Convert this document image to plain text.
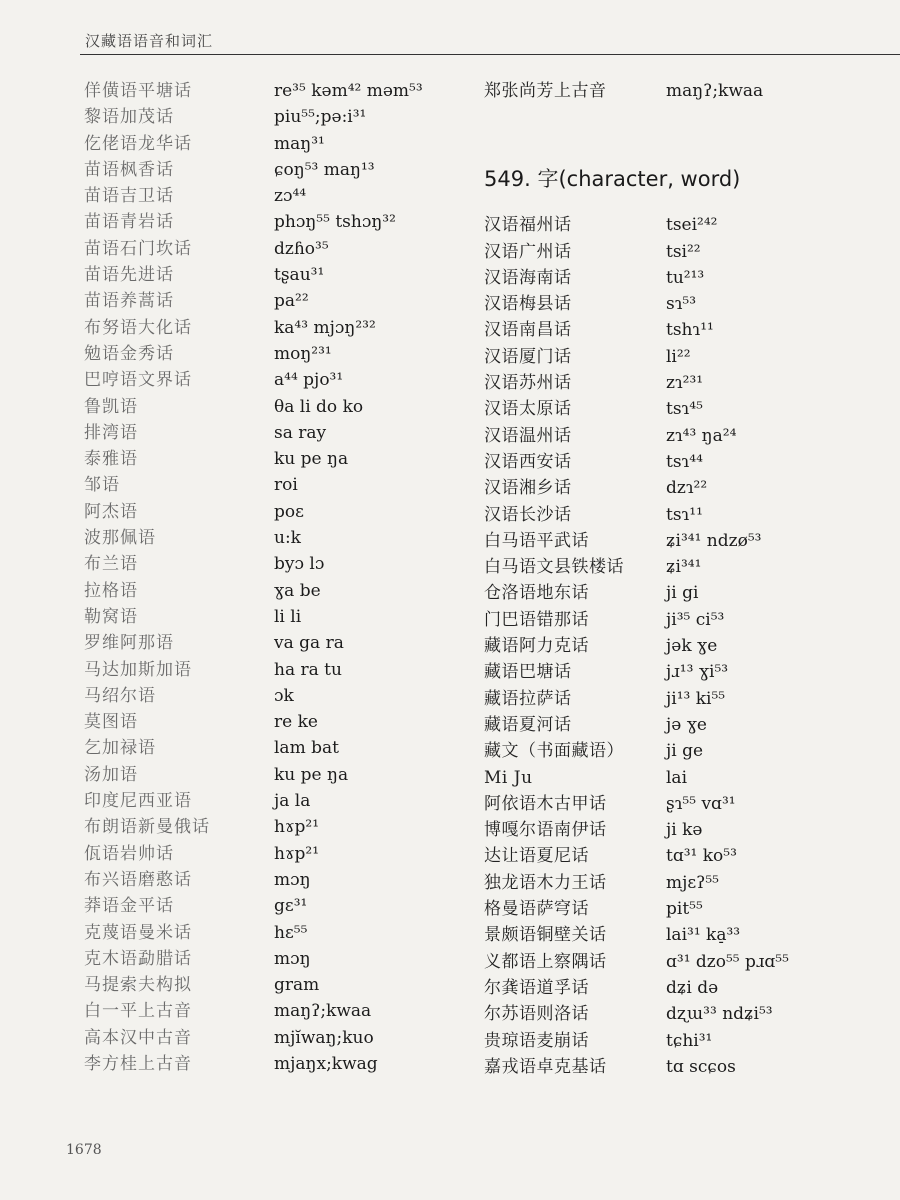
汉藏语语音和词汇
佯僙语平塘话	re³⁵ kəm⁴² məm⁵³
黎语加茂话	piu⁵⁵;pə:i³¹
仡佬语龙华话	maŋ³¹
苗语枫香话	ɕoŋ⁵³ maŋ¹³
苗语吉卫话	zɔ⁴⁴
苗语青岩话	phɔŋ⁵⁵ tshɔŋ³²
苗语石门坎话	dzɦo³⁵
苗语先进话	tʂau³¹
苗语养蒿话	pa²²
布努语大化话	ka⁴³ mjɔŋ²³²
勉语金秀话	moŋ²³¹
巴哼语文界话	a⁴⁴ pjo³¹
鲁凯语	θa li do ko
排湾语	sa ray
泰雅语	ku pe ŋa
邹语	roi
阿杰语	poɛ
波那佩语	u:k
布兰语	byɔ lɔ
拉格语	ɣa be
勒窝语	li li
罗维阿那语	va ga ra
马达加斯加语	ha ra tu
马绍尔语	ɔk
莫图语	re ke
乞加禄语	lam bat
汤加语	ku pe ŋa
印度尼西亚语	ja la
布朗语新曼俄话	hɤp²¹
佤语岩帅话	hɤp²¹
布兴语磨憨话	mɔŋ
莽语金平话	gɛ³¹
克蔑语曼米话	hɛ⁵⁵
克木语勐腊话	mɔŋ
马提索夫构拟	gram
白一平上古音	maŋʔ;kwaa
高本汉中古音	mjĭwaŋ;kuo
李方桂上古音	mjaŋx;kwag
郑张尚芳上古音	maŋʔ;kwaa
549. 字(character, word)
汉语福州话	tsei²⁴²
汉语广州话	tsi²²
汉语海南话	tu²¹³
汉语梅县话	sɿ⁵³
汉语南昌话	tshɿ¹¹
汉语厦门话	li²²
汉语苏州话	zɿ²³¹
汉语太原话	tsɿ⁴⁵
汉语温州话	zɿ⁴³ ŋa²⁴
汉语西安话	tsɿ⁴⁴
汉语湘乡话	dzɿ²²
汉语长沙话	tsɿ¹¹
白马语平武话	ʑi³⁴¹ ndzø⁵³
白马语文县铁楼话	ʑi³⁴¹
仓洛语地东话	ji gi
门巴语错那话	ji³⁵ ci⁵³
藏语阿力克话	jək ɣe
藏语巴塘话	jɹ¹³ ɣi⁵³
藏语拉萨话	ji¹³ ki⁵⁵
藏语夏河话	jə ɣe
藏文（书面藏语）	ji ge
Mi Ju	lai
阿依语木古甲话	ʂɿ⁵⁵ vɑ³¹
博嘎尔语南伊话	ji kə
达让语夏尼话	tɑ³¹ ko⁵³
独龙语木力王话	mjɛʔ⁵⁵
格曼语萨穹话	pit⁵⁵
景颇语铜壁关话	lai³¹ ka̠³³
义都语上察隅话	ɑ³¹ dzo⁵⁵ pɹɑ⁵⁵
尔龚语道孚话	dʑi də
尔苏语则洛话	dʐɯ³³ ndʑi⁵³
贵琼语麦崩话	tɕhi³¹
嘉戎语卓克基话	tɑ scɕos
1678
